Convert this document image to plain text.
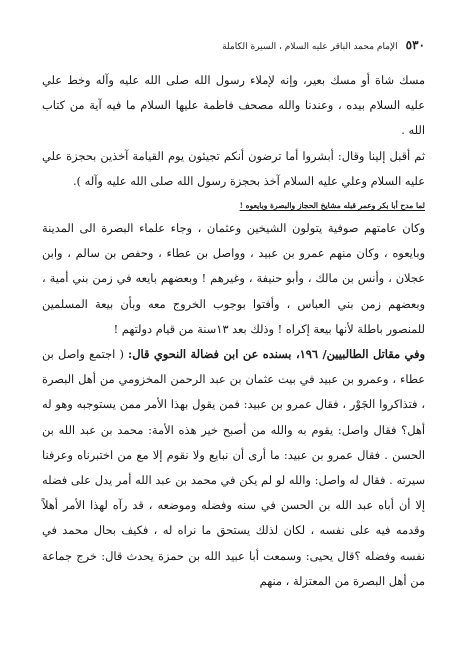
٥٣٠
الإمام محمد الباقر عليه السلام ، السيرة الكاملة

مسك شاة أو مسك بعير، وإنه لإملاء رسول الله صلى الله عليه وآله وخط علي عليه السلام بيده ، وعندنا والله مصحف فاطمة عليها السلام ما فيه آية من كتاب الله .

ثم أقبل إلينا وقال: أبشروا أما ترضون أنكم تجيئون يوم القيامة آخذين بحجزة علي عليه السلام وعلي عليه السلام آخذ بحجزة رسول الله صلى الله عليه وآله ).

لما مدح أبا بكر وعمر قبله مشايخ الحجاز والبصرة وبايعوه !

وكان عامتهم صوفية يتولون الشيخين وعثمان ، وجاء علماء البصرة الى المدينة وبايعوه ، وكان منهم عمرو بن عبيد ، وواصل بن عطاء ، وحفص بن سالم ، وابن عجلان ، وأنس بن مالك ، وأبو حنيفة ، وغيرهم ! وبعضهم بايعه في زمن بني أمية ، وبعضهم زمن بني العباس ، وأفتوا بوجوب الخروج معه وبأن بيعة المسلمين للمنصور باطلة لأنها بيعة إكراه ! وذلك بعد ١٣سنة من قيام دولتهم !

وفي مقاتل الطالبيين/ ١٩٦، بسنده عن ابن فضالة النحوي قال: ( اجتمع واصل بن عطاء ، وعمرو بن عبيد في بيت عثمان بن عبد الرحمن المخزومي من أهل البصرة ، فتذاكروا الجَوْر ، فقال عمرو بن عبيد: فمن يقول بهذا الأمر ممن يستوجبه وهو له أهل؟ فقال واصل: يقوم به والله من أصبح خير هذه الأمة: محمد بن عبد الله بن الحسن . فقال عمرو بن عبيد: ما أرى أن نبايع ولا نقوم إلا مع من اختبرناه وعرفنا سيرته . فقال له واصل: والله لو لم يكن في محمد بن عبد الله أمر يدل على فضله إلا أن أباه عبد الله بن الحسن في سنه وفضله وموضعه ، قد رآه لهذا الأمر أهلاً وقدمه فيه على نفسه ، لكان لذلك يستحق ما نراه له ، فكيف بحال محمد في نفسه وفضله ؟قال يحيى: وسمعت أبا عبيد الله بن حمزة يحدث قال: خرج جماعة من أهل البصرة من المعتزلة ، منهم
